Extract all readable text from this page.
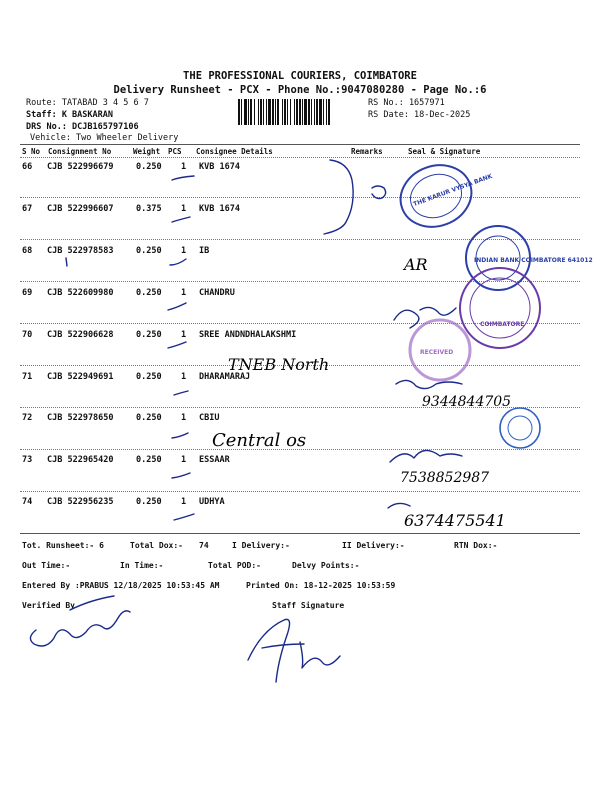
THE PROFESSIONAL COURIERS, COIMBATORE
Delivery Runsheet - PCX - Phone No.:9047080280 - Page No.:6
Route: TATABAD 3 4 5 6 7
Staff: K BASKARAN
DRS No.: DCJB165797106
Vehicle: Two Wheeler Delivery
RS No.: 1657971
RS Date: 18-Dec-2025
S No Consignment No	Weight PCS Consignee Details	Remarks	Seal & Signature
66 CJB 522996679	0.250 1 KVB 1674
67 CJB 522996607	0.375 1 KVB 1674
68 CJB 522978583	0.250 1 IB
69 CJB 522609980	0.250 1 CHANDRU
70 CJB 522906628	0.250 1 SREE ANDNDHALAKSHMI
71 CJB 522949691	0.250 1 DHARAMARAJ
72 CJB 522978650	0.250 1 CBIU
73 CJB 522965420	0.250 1 ESSAAR
74 CJB 522956235	0.250 1 UDHYA
Tot. Runsheet:- 6	Total Dox:- 74	I Delivery:-	II Delivery:-	RTN Dox:-
Out Time:-	In Time:-	Total POD:-	Delvy Points:-
Entered By :PRABUS 12/18/2025 10:53:45 AM	Printed On: 18-12-2025 10:53:59
Verified By	Staff Signature
TNEB North
Central os
AR
9344844705
7538852987
6374475541
THE KARUR VYSYA BANK
INDIAN BANK COIMBATORE 641012
COIMBATORE
RECEIVED
